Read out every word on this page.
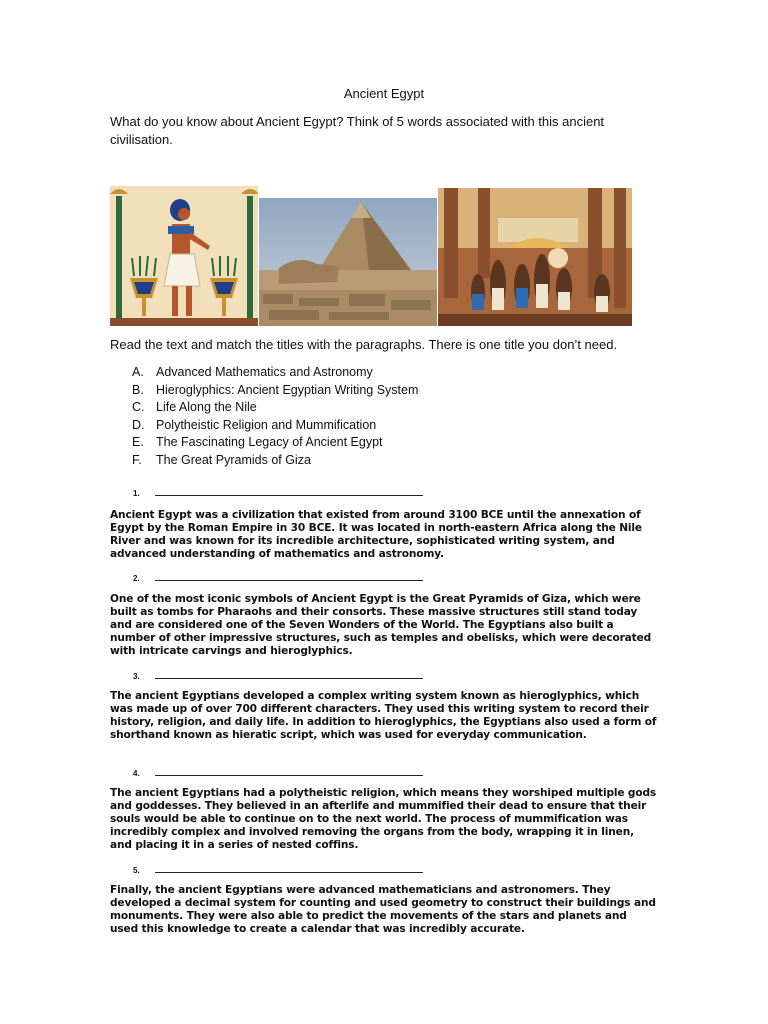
Ancient Egypt
What do you know about Ancient Egypt? Think of 5 words associated with this ancient civilisation.
Read the text and match the titles with the paragraphs. There is one title you don’t need.
A. Advanced Mathematics and Astronomy
B. Hieroglyphics: Ancient Egyptian Writing System
C. Life Along the Nile
D. Polytheistic Religion and Mummification
E. The Fascinating Legacy of Ancient Egypt
F. The Great Pyramids of Giza
1.
Ancient Egypt was a civilization that existed from around 3100 BCE until the annexation of Egypt by the Roman Empire in 30 BCE. It was located in north-eastern Africa along the Nile River and was known for its incredible architecture, sophisticated writing system, and advanced understanding of mathematics and astronomy.
2.
One of the most iconic symbols of Ancient Egypt is the Great Pyramids of Giza, which were built as tombs for Pharaohs and their consorts. These massive structures still stand today and are considered one of the Seven Wonders of the World. The Egyptians also built a number of other impressive structures, such as temples and obelisks, which were decorated with intricate carvings and hieroglyphics.
3.
The ancient Egyptians developed a complex writing system known as hieroglyphics, which was made up of over 700 different characters. They used this writing system to record their history, religion, and daily life. In addition to hieroglyphics, the Egyptians also used a form of shorthand known as hieratic script, which was used for everyday communication.
4.
The ancient Egyptians had a polytheistic religion, which means they worshiped multiple gods and goddesses. They believed in an afterlife and mummified their dead to ensure that their souls would be able to continue on to the next world. The process of mummification was incredibly complex and involved removing the organs from the body, wrapping it in linen, and placing it in a series of nested coffins.
5.
Finally, the ancient Egyptians were advanced mathematicians and astronomers. They developed a decimal system for counting and used geometry to construct their buildings and monuments. They were also able to predict the movements of the stars and planets and used this knowledge to create a calendar that was incredibly accurate.
